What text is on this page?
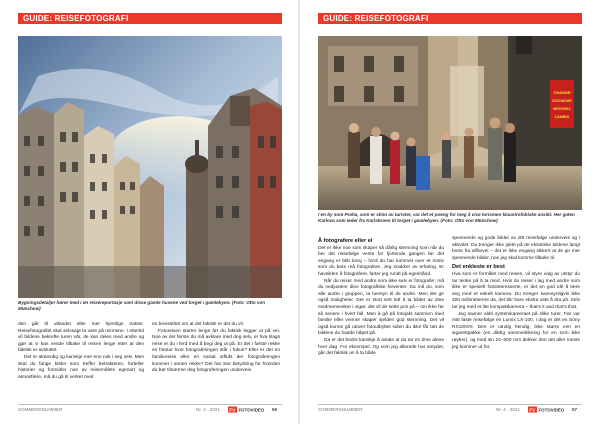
GUIDE: REISEFOTOGRAFI
Bygningsdetaljer hører med i en reisereportasje som disse gamle husene ved torget i gamlebyen. (Foto: Otto von Münchow)

den går til utlandet eller mer hjemlige trakter. Reisefotografiet skal selvsagt ta vare på minnene. I ettertid vil bildene bekrefte turen vår, de kan deles med andre og gjør at vi kan vende tilbake til reisen lenge etter at den faktisk er avsluttet.

Det er aktverdig og kanskje mer enn nok i seg selv. Men skal du fange bilder som treffer betrakteren, forteller historier og formidler noe av reisemålets egenart og atmosfære, må du gå til verket med

en bevissthet om at det faktisk er det du vil.

Fotoreisen starter lenge før du faktisk legger ut på vei. Noe av det første du må avklare med deg selv, er hva slags reise er du i ferd med å begi deg ut på. Er det i første rekke en fototur hvor fotograferingen står i fokus? Eller er det en familiereise eller en sosial utflukt der fotograferingen kommer i annen rekke? Det har stor betydning for hvordan du bør tilnærme deg fotograferingen underveis.

SOMMERSNUMMER	Nr. 4 · 2021 FV FOTOVIDEO 56
GUIDE: REISEFOTOGRAFI
CHANGE
EXCHANGE
WECHSEL
CAMBIO
I en by som Praha, som er stinn av turister, var det et poeng for meg å vise turismen klaustrofobiske ansikt. Her gaten Karlova som leder fra Karlsbroen til torget i gamlebyen. (Foto: Otto von Münchow)
Å fotografere eller ei

Det er ikke noe som skaper så dårlig stemning som når du ber ditt reisefølge vente for fjortende gangen før det engang er blitt lunsj – fordi du har kommet over et motiv som du bare må fotografere. Jeg snakker av erfaring. Er havsikten å fotografere, farter jeg rundt på egenhånd.

Når du reiser med andre som ikke selv er fotografer, må du nedjustere dine fotografiske forventer. Da må du, som alle andre i gruppen, ta hensyn til de andre. Men det gir også muligheter. Det er stort sett lett å ta bilder av dine medmennesker i vigør, det vil de sette pris på – om ikke før så senere i hvert fall. Men å gå på fotojakt sammen med familie eller venner skaper sjelden god stemning. Det vil også kunne gå utover fotoutbyttet siden du ikke får tatt de bildene du hadde håpet på.

Da er det bedre kanskje å avtale at du tar en time alene hver dag. For eksempel. Og som jeg allerede har antydet, går det faktisk an å ta både

spennende og gode bilder av ditt reisefølge underveis og i aktivitet. Du trenger ikke jakte på de eksotiske bildene langt borte fra allfarvei – det er ikke engang sikkert at de gir mer spennende bilder, noe jeg skal komme tilbake til.

Det enkleste er best

Hva som er formålet med reisen, vil styre valg av utstyr du tar tenke på å ta med. Hvis du reiser i lag med andre som ikke er spesielt fotointeresserte, er det en god idé å lære seg med et enkelt kamera. Du trenger sannsynligvis ikke 400 millimeterere da, det blir bare ekstra vekt å dra på. Selv tar jeg med et lite kompaktkamera – that's it and that's that.

Jeg savner aldri systemkameraet på slike turer. Før var mitt faste reisefølge en Lumix LX-100, i dag er det en Sony RX100VII. Den er utrolig hendig, ikke større enn en sigarettpakke (en dårlig sammenlikning for en som ikke røyker), og med sin 24–200 mm dekker den det aller meste jeg kommer ut for.

SOMMERSNUMMER	Nr. 4 · 2021 FV FOTOVIDEO 57
